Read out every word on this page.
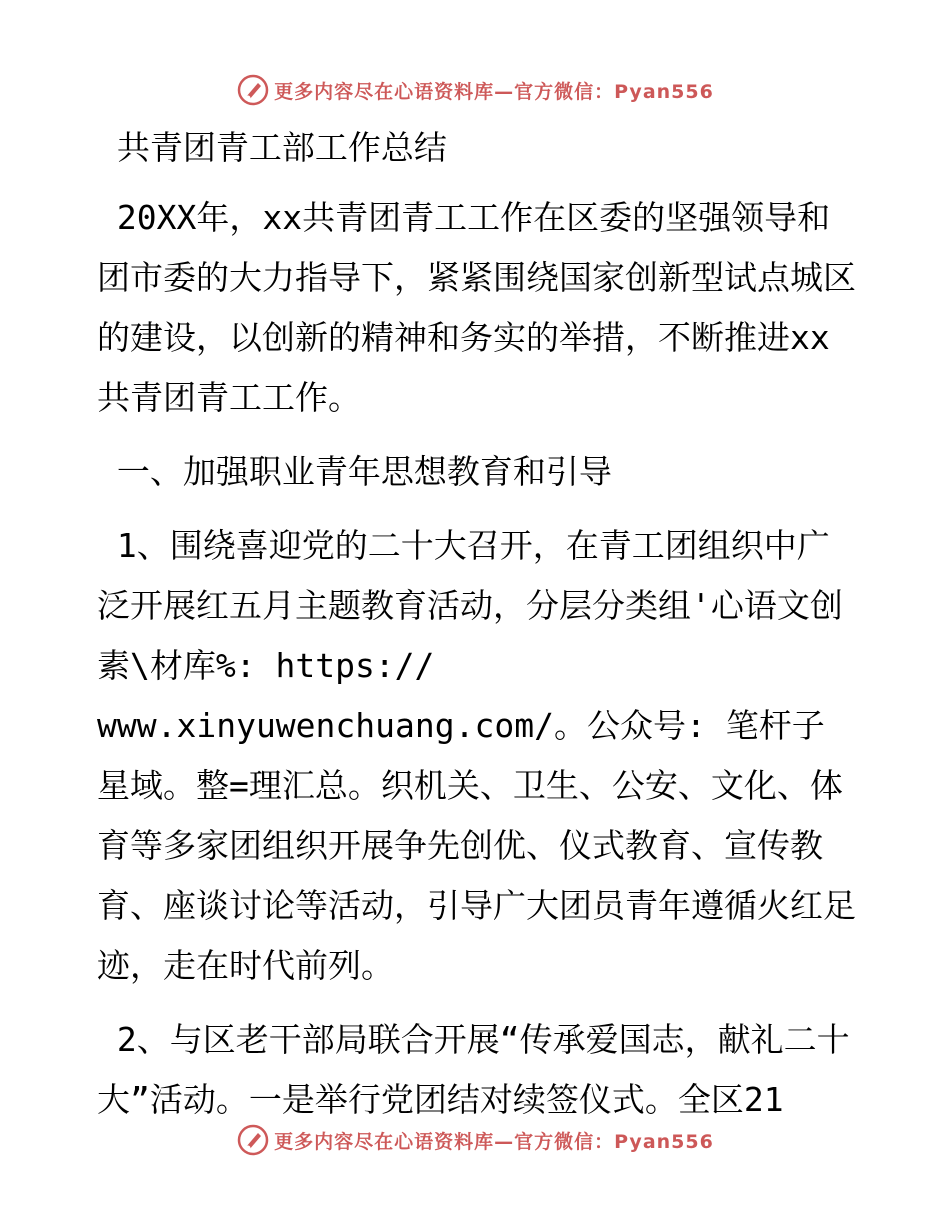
更多内容尽在心语资料库—官方微信：Pyan556

共青团青工部工作总结

20XX年，xx共青团青工工作在区委的坚强领导和团市委的大力指导下，紧紧围绕国家创新型试点城区的建设，以创新的精神和务实的举措，不断推进xx共青团青工工作。

一、加强职业青年思想教育和引导

1、围绕喜迎党的二十大召开，在青工团组织中广泛开展红五月主题教育活动，分层分类组'心语文创素\材库%: https://
www.xinyuwenchuang.com/。公众号: 笔杆子星域。整=理汇总。织机关、卫生、公安、文化、体育等多家团组织开展争先创优、仪式教育、宣传教育、座谈讨论等活动，引导广大团员青年遵循火红足迹，走在时代前列。

2、与区老干部局联合开展“传承爱国志，献礼二十大”活动。一是举行党团结对续签仪式。全区21

更多内容尽在心语资料库—官方微信：Pyan556
